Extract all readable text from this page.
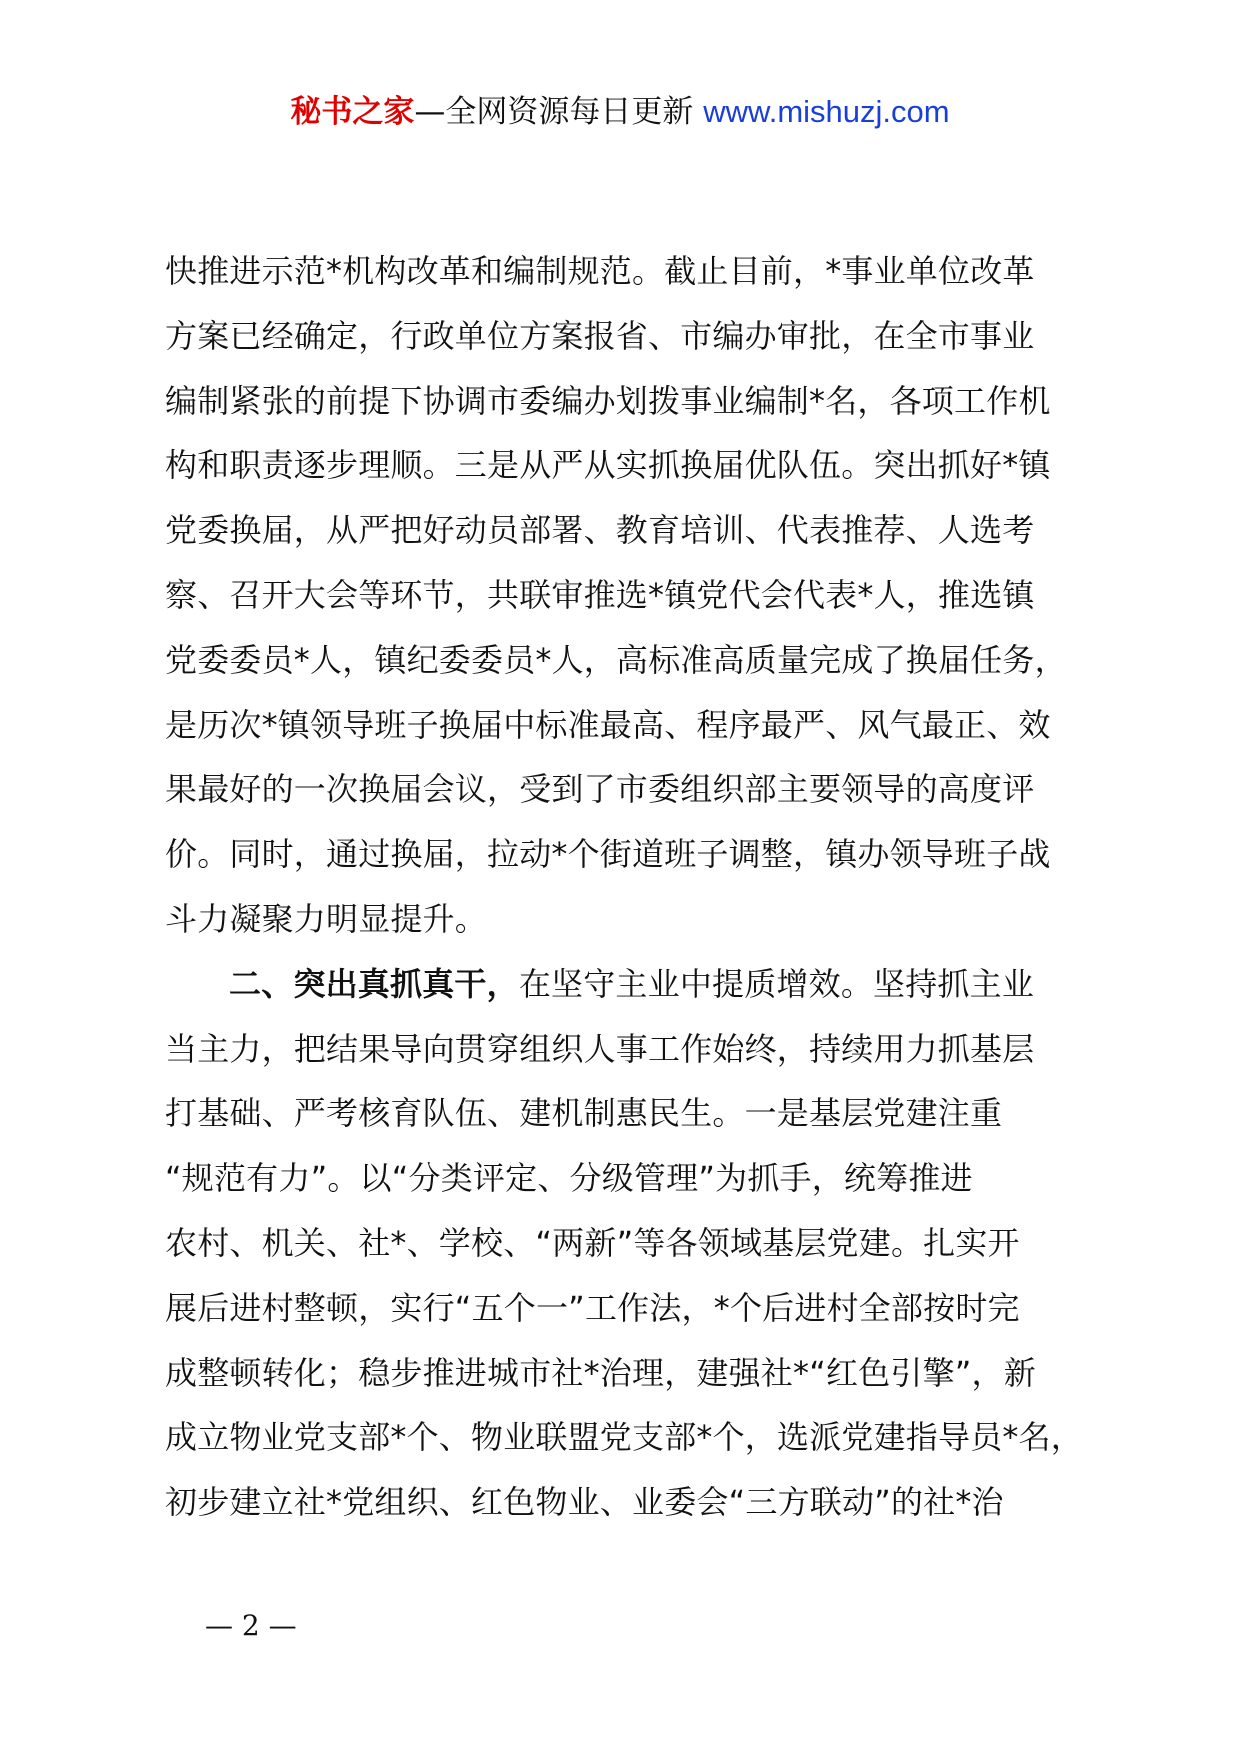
秘书之家—全网资源每日更新 www.mishuzj.com
快推进示范*机构改革和编制规范。截止目前，*事业单位改革
方案已经确定，行政单位方案报省、市编办审批，在全市事业
编制紧张的前提下协调市委编办划拨事业编制*名，各项工作机
构和职责逐步理顺。三是从严从实抓换届优队伍。突出抓好*镇
党委换届，从严把好动员部署、教育培训、代表推荐、人选考
察、召开大会等环节，共联审推选*镇党代会代表*人，推选镇
党委委员*人，镇纪委委员*人，高标准高质量完成了换届任务，
是历次*镇领导班子换届中标准最高、程序最严、风气最正、效
果最好的一次换届会议，受到了市委组织部主要领导的高度评
价。同时，通过换届，拉动*个街道班子调整，镇办领导班子战
斗力凝聚力明显提升。
二、突出真抓真干，在坚守主业中提质增效。坚持抓主业
当主力，把结果导向贯穿组织人事工作始终，持续用力抓基层
打基础、严考核育队伍、建机制惠民生。一是基层党建注重
“规范有力”。以“分类评定、分级管理”为抓手，统筹推进
农村、机关、社*、学校、“两新”等各领域基层党建。扎实开
展后进村整顿，实行“五个一”工作法，*个后进村全部按时完
成整顿转化；稳步推进城市社*治理，建强社*“红色引擎”，新
成立物业党支部*个、物业联盟党支部*个，选派党建指导员*名，
初步建立社*党组织、红色物业、业委会“三方联动”的社*治
— 2 —
